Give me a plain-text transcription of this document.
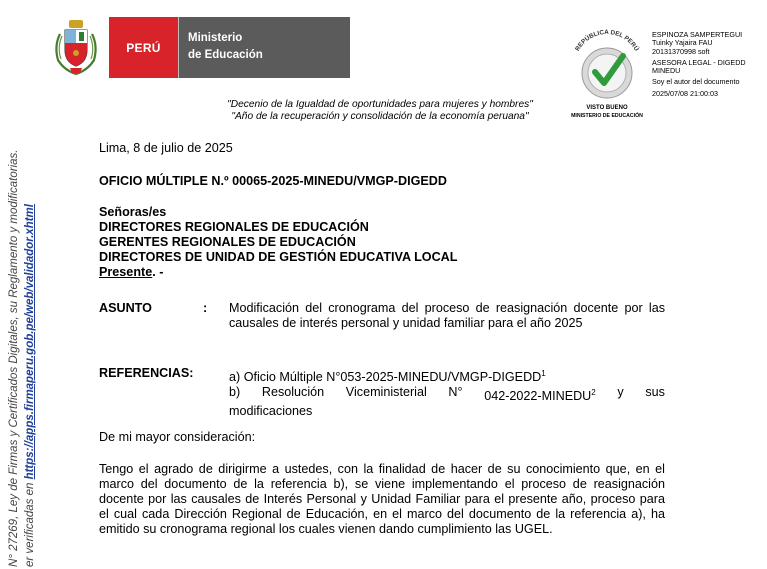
PERÚ
Ministerio
de Educación
"Decenio de la Igualdad de oportunidades para mujeres y hombres"
"Año de la recuperación y consolidación de la economía peruana"
REPÚBLICA DEL PERÚ
VISTO BUENO
MINISTERIO DE EDUCACIÓN
ESPINOZA SAMPERTEGUI
Tuinky Yajaira FAU
20131370998 soft
ASESORA LEGAL - DIGEDD
MINEDU
Soy el autor del documento
2025/07/08 21:00:03
N° 27269, Ley de Firmas y Certificados Digitales, su Reglamento y modificatorias. er verificadas en https://apps.firmaperu.gob.pe/web/validador.xhtml
Lima, 8 de julio de 2025
OFICIO MÚLTIPLE N.º 00065-2025-MINEDU/VMGP-DIGEDD
Señoras/es
DIRECTORES REGIONALES DE EDUCACIÓN
GERENTES REGIONALES DE EDUCACIÓN
DIRECTORES DE UNIDAD DE GESTIÓN EDUCATIVA LOCAL
Presente. -
ASUNTO	: Modificación del cronograma del proceso de reasignación docente por las causales de interés personal y unidad familiar para el año 2025
REFERENCIAS:	a) Oficio Múltiple N°053-2025-MINEDU/VMGP-DIGEDD$^1$
b) Resolución Viceministerial N° 042-2022-MINEDU$^2$ y sus
modificaciones
De mi mayor consideración:
Tengo el agrado de dirigirme a ustedes, con la finalidad de hacer de su conocimiento que, en el marco del documento de la referencia b), se viene implementando el proceso de reasignación docente por las causales de Interés Personal y Unidad Familiar para el presente año, proceso para el cual cada Dirección Regional de Educación, en el marco del documento de la referencia a), ha emitido su cronograma regional los cuales vienen dando cumplimiento las UGEL.
